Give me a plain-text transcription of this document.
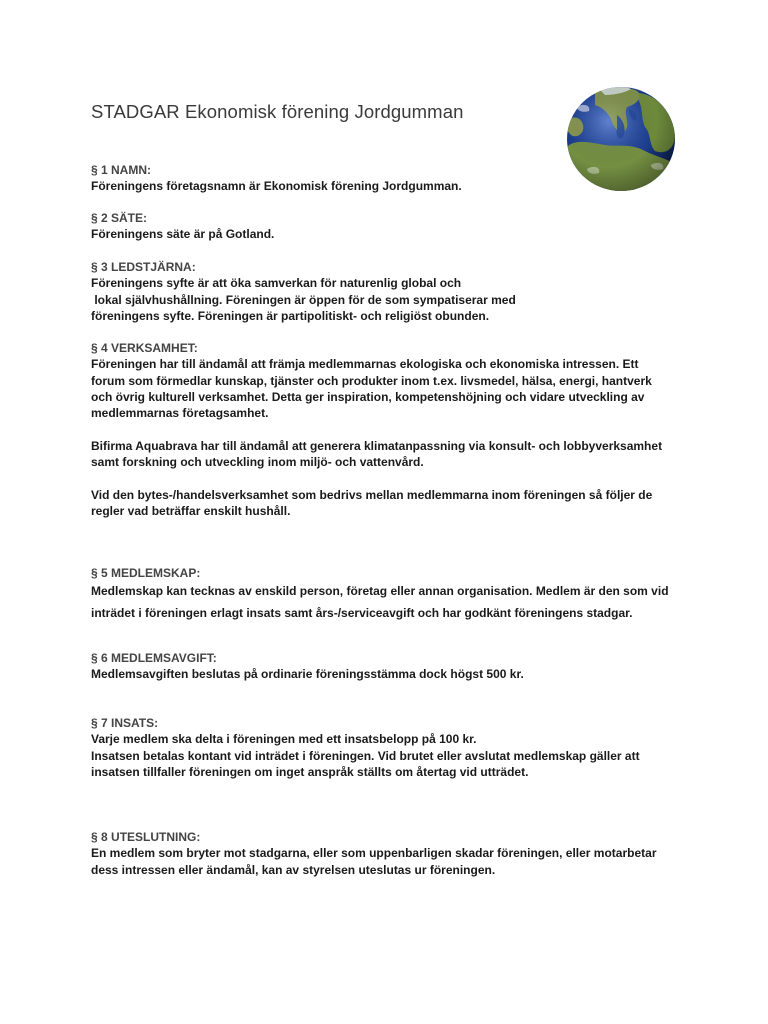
STADGAR Ekonomisk förening Jordgumman

§ 1 NAMN:

Föreningens företagsnamn är Ekonomisk förening Jordgumman.

§ 2 SÄTE:

Föreningens säte är på Gotland.

§ 3 LEDSTJÄRNA:

Föreningens syfte är att öka samverkan för naturenlig global och

lokal självhushållning. Föreningen är öppen för de som sympatiserar med

föreningens syfte. Föreningen är partipolitiskt- och religiöst obunden.

§ 4 VERKSAMHET:

Föreningen har till ändamål att främja medlemmarnas ekologiska och ekonomiska intressen. Ett

forum som förmedlar kunskap, tjänster och produkter inom t.ex. livsmedel, hälsa, energi, hantverk

och övrig kulturell verksamhet. Detta ger inspiration, kompetenshöjning och vidare utveckling av

medlemmarnas företagsamhet.

Bifirma Aquabrava har till ändamål att generera klimatanpassning via konsult- och lobbyverksamhet

samt forskning och utveckling inom miljö- och vattenvård.

Vid den bytes-/handelsverksamhet som bedrivs mellan medlemmarna inom föreningen så följer de

regler vad beträffar enskilt hushåll.

§ 5 MEDLEMSKAP:

Medlemskap kan tecknas av enskild person, företag eller annan organisation. Medlem är den som vid

inträdet i föreningen erlagt insats samt års-/serviceavgift och har godkänt föreningens stadgar.

§ 6 MEDLEMSAVGIFT:

Medlemsavgiften beslutas på ordinarie föreningsstämma dock högst 500 kr.

§ 7 INSATS:

Varje medlem ska delta i föreningen med ett insatsbelopp på 100 kr.

Insatsen betalas kontant vid inträdet i föreningen. Vid brutet eller avslutat medlemskap gäller att

insatsen tillfaller föreningen om inget anspråk ställts om återtag vid utträdet.

§ 8 UTESLUTNING:

En medlem som bryter mot stadgarna, eller som uppenbarligen skadar föreningen, eller motarbetar

dess intressen eller ändamål, kan av styrelsen uteslutas ur föreningen.
